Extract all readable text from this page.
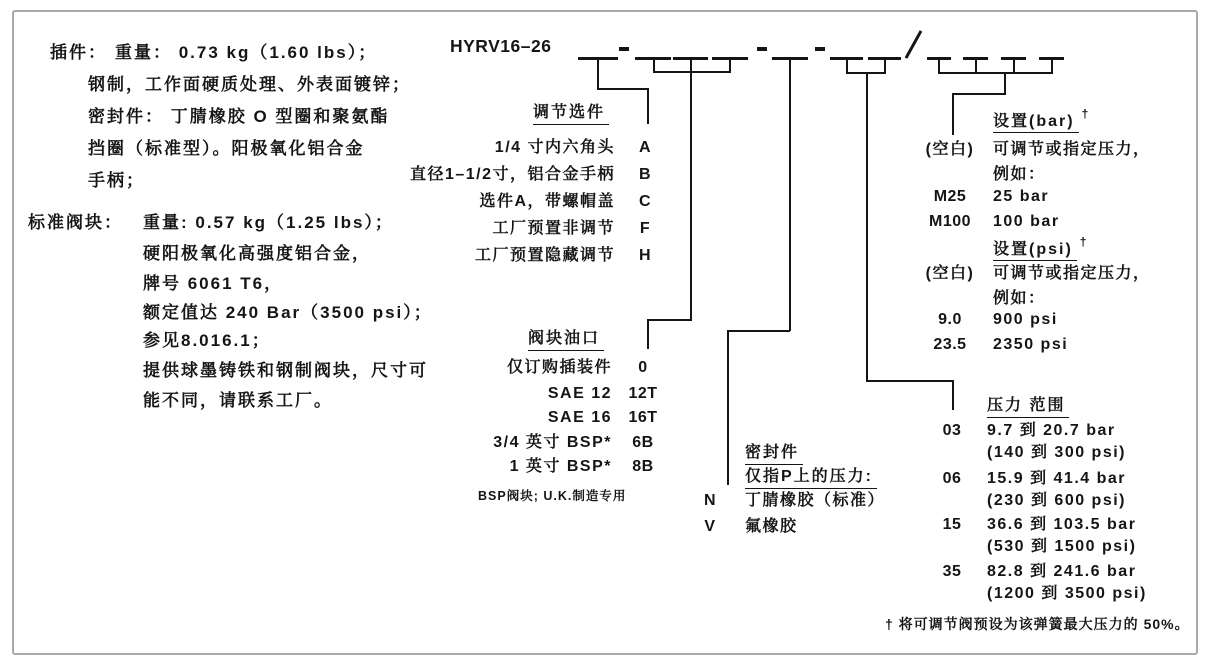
插件： 重量： 0.73 kg（1.60 lbs）；
钢制，工作面硬质处理、外表面镀锌；
密封件： 丁腈橡胶 O 型圈和聚氨酯
挡圈（标准型）。阳极氧化铝合金
手柄；
标准阀块： 重量: 0.57 kg（1.25 lbs）；
硬阳极氧化高强度铝合金，
牌号 6061 T6，
额定值达 240 Bar（3500 psi）；
参见8.016.1；
提供球墨铸铁和钢制阀块，尺寸可
能不同，请联系工厂。
HYRV16–26
调节选件
1/4 寸内六角头	A
直径1–1/2寸，铝合金手柄	B
选件A，带螺帽盖	C
工厂预置非调节	F
工厂预置隐藏调节	H
阀块油口
仅订购插装件	0
SAE 12	12T
SAE 16	16T
3/4 英寸 BSP*	6B
1 英寸 BSP*	8B
BSP阀块; U.K.制造专用
密封件
仅指P上的压力:
N	丁腈橡胶（标准）
V	氟橡胶
压力 范围
03	9.7 到 20.7 bar
(140 到 300 psi)
06	15.9 到 41.4 bar
(230 到 600 psi)
15	36.6 到 103.5 bar
(530 到 1500 psi)
35	82.8 到 241.6 bar
(1200 到 3500 psi)
设置(bar) †
(空白)	可调节或指定压力，
例如：
M25	25 bar
M100	100 bar
设置(psi) †
(空白)	可调节或指定压力，
例如：
9.0	900 psi
23.5	2350 psi
† 将可调节阀预设为该弹簧最大压力的 50%。
